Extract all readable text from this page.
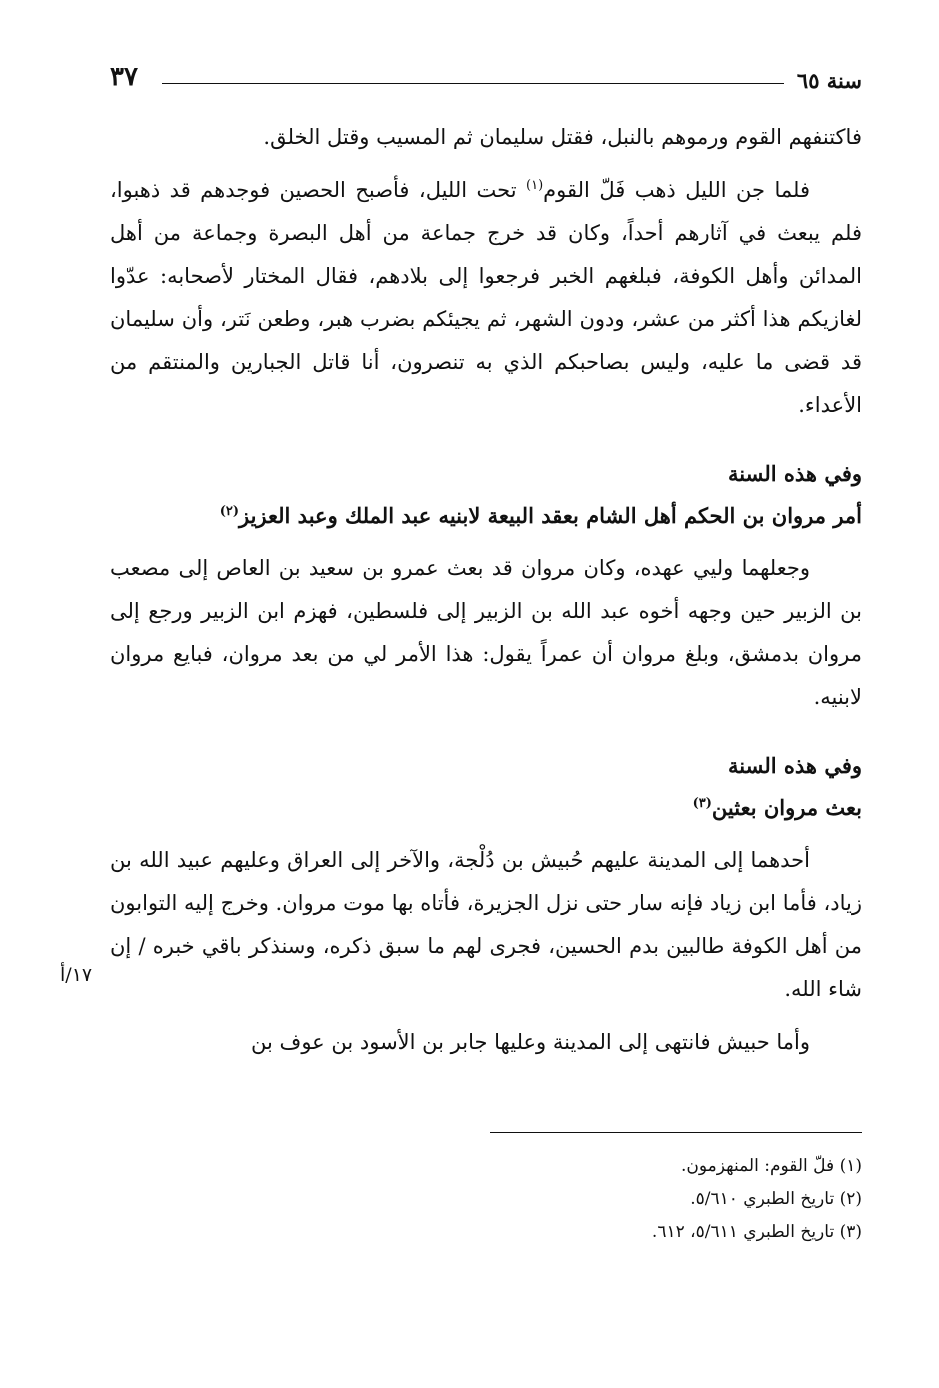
سنة ٦٥
٣٧

فاكتنفهم القوم ورموهم بالنبل، فقتل سليمان ثم المسيب وقتل الخلق.

فلما جن الليل ذهب فَلّ القوم$^{(١)}$ تحت الليل، فأصبح الحصين فوجدهم قد ذهبوا، فلم يبعث في آثارهم أحداً، وكان قد خرج جماعة من أهل البصرة وجماعة من أهل المدائن وأهل الكوفة، فبلغهم الخبر فرجعوا إلى بلادهم، فقال المختار لأصحابه: عدّوا لغازيكم هذا أكثر من عشر، ودون الشهر، ثم يجيئكم بضرب هبر، وطعن نَتر، وأن سليمان قد قضى ما عليه، وليس بصاحبكم الذي به تنصرون، أنا قاتل الجبارين والمنتقم من الأعداء.

وفي هذه السنة

أمر مروان بن الحكم أهل الشام بعقد البيعة لابنيه عبد الملك وعبد العزيز$^{(٢)}$

وجعلهما وليي عهده، وكان مروان قد بعث عمرو بن سعيد بن العاص إلى مصعب بن الزبير حين وجهه أخوه عبد الله بن الزبير إلى فلسطين، فهزم ابن الزبير ورجع إلى مروان بدمشق، وبلغ مروان أن عمراً يقول: هذا الأمر لي من بعد مروان، فبايع مروان لابنيه.

وفي هذه السنة

بعث مروان بعثين$^{(٣)}$

أحدهما إلى المدينة عليهم حُبيش بن دُلْجة، والآخر إلى العراق وعليهم عبيد الله بن زياد، فأما ابن زياد فإنه سار حتى نزل الجزيرة، فأتاه بها موت مروان. وخرج إليه التوابون من أهل الكوفة طالبين بدم الحسين، فجرى لهم ما سبق ذكره، وسنذكر باقي خبره / إن شاء الله.

وأما حبيش فانتهى إلى المدينة وعليها جابر بن الأسود بن عوف بن

١٧/أ
(١) فلّ القوم: المنهزمون.
(٢) تاريخ الطبري ٥/٦١٠.
(٣) تاريخ الطبري ٥/٦١١، ٦١٢.
